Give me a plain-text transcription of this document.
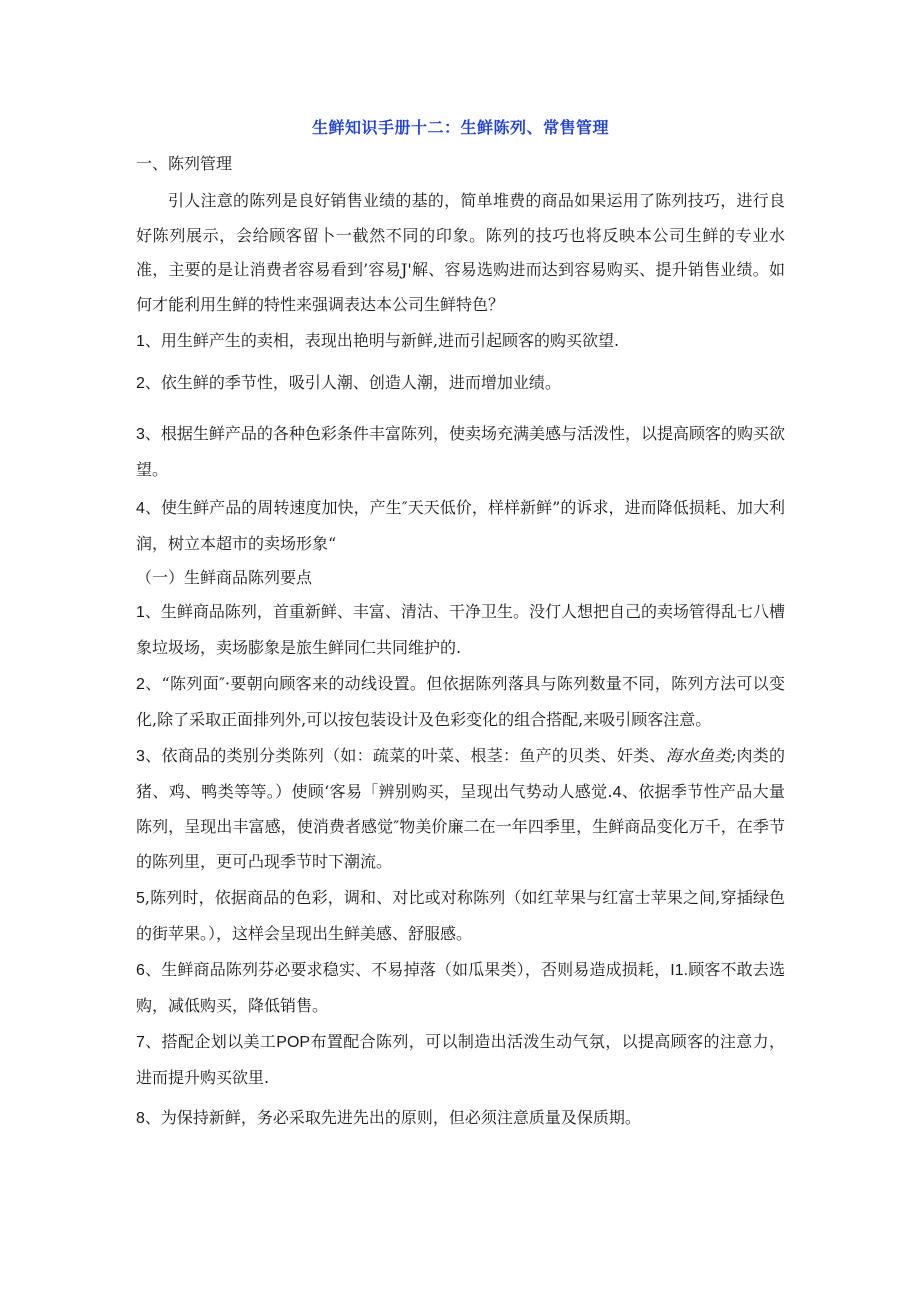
生鲜知识手册十二：生鲜陈列、常售管理

一、陈列管理

引人注意的陈列是良好销售业绩的基的，简单堆费的商品如果运用了陈列技巧，进行良好陈列展示，会给顾客留卜一截然不同的印象。陈列的技巧也将反映本公司生鲜的专业水准，主要的是让消费者容易看到’容易J'解、容易选购进而达到容易购买、提升销售业绩。如何才能利用生鲜的特性来强调表达本公司生鲜特色？

1、用生鲜产生的卖相，表现出艳明与新鲜,进而引起顾客的购买欲望.

2、依生鲜的季节性，吸引人潮、创造人潮，进而增加业绩。

3、根据生鲜产品的各种色彩条件丰富陈列，使卖场充满美感与活泼性，以提高顾客的购买欲望。

4、使生鲜产品的周转速度加快，产生″天天低价，样样新鲜”的诉求，进而降低损耗、加大利润，树立本超市的卖场形象“

（一）生鲜商品陈列要点

1、生鲜商品陈列，首重新鲜、丰富、清沽、干净卫生。没仃人想把自己的卖场管得乱七八槽象垃圾场，卖场膨象是旅生鲜同仁共同维护的.

2、“陈列面″·要朝向顾客来的动线设置。但依据陈列落具与陈列数量不同，陈列方法可以变化,除了采取正面排列外,可以按包装设计及色彩变化的组合搭配,来吸引顾客注意。

3、依商品的类别分类陈列（如：疏菜的叶菜、根茎：鱼产的贝类、奸类、海水鱼类;肉类的猪、鸡、鸭类等等。）使顾‘客易「辨别购买，呈现出气势动人感觉.4、依据季节性产品大量陈列，呈现出丰富感，使消费者感觉″物美价廉二在一年四季里，生鲜商品变化万千，在季节的陈列里，更可凸现季节时下潮流。

5,陈列时，依据商品的色彩，调和、对比或对称陈列（如红苹果与红富士苹果之间,穿插绿色的街苹果。），这样会呈现出生鲜美感、舒服感。

6、生鲜商品陈列芬必要求稳实、不易掉落（如瓜果类），否则易造成损耗，I1.顾客不敢去选购，减低购买，降低销售。

7、搭配企划以美工POP布置配合陈列，可以制造出活泼生动气氛，以提高顾客的注意力，进而提升购买欲里.

8、为保持新鲜，务必采取先进先出的原则，但必须注意质量及保质期。
